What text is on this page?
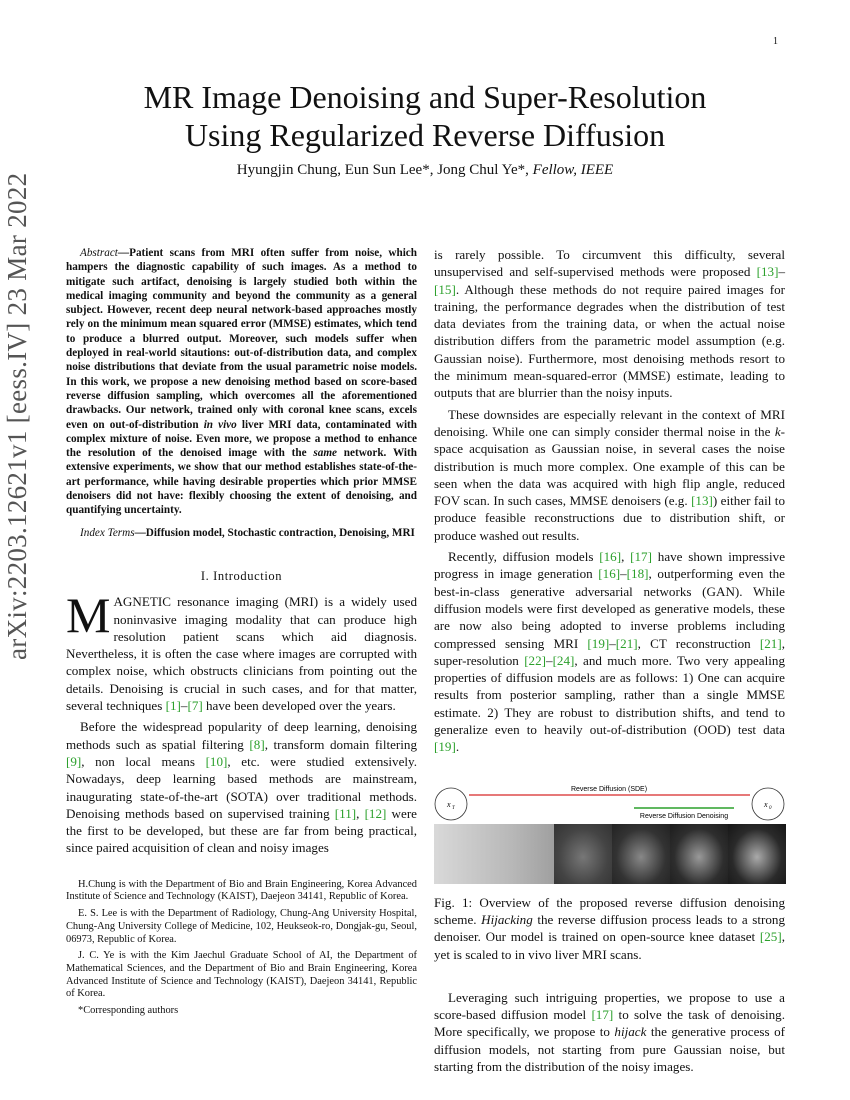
1
arXiv:2203.12621v1 [eess.IV] 23 Mar 2022
MR Image Denoising and Super-Resolution
Using Regularized Reverse Diffusion
Hyungjin Chung, Eun Sun Lee*, Jong Chul Ye*, Fellow, IEEE

Abstract—Patient scans from MRI often suffer from noise, which hampers the diagnostic capability of such images. As a method to mitigate such artifact, denoising is largely studied both within the medical imaging community and beyond the community as a general subject. However, recent deep neural network-based approaches mostly rely on the minimum mean squared error (MMSE) estimates, which tend to produce a blurred output. Moreover, such models suffer when deployed in real-world sitautions: out-of-distribution data, and complex noise distributions that deviate from the usual parametric noise models. In this work, we propose a new denoising method based on score-based reverse diffusion sampling, which overcomes all the aforementioned drawbacks. Our network, trained only with coronal knee scans, excels even on out-of-distribution in vivo liver MRI data, contaminated with complex mixture of noise. Even more, we propose a method to enhance the resolution of the denoised image with the same network. With extensive experiments, we show that our method establishes state-of-the-art performance, while having desirable properties which prior MMSE denoisers did not have: flexibly choosing the extent of denoising, and quantifying uncertainty.

Index Terms—Diffusion model, Stochastic contraction, Denoising, MRI

I. Introduction

MAGNETIC resonance imaging (MRI) is a widely used noninvasive imaging modality that can produce high resolution patient scans which aid diagnosis. Nevertheless, it is often the case where images are corrupted with complex noise, which obstructs clinicians from pointing out the details. Denoising is crucial in such cases, and for that matter, several techniques [1]–[7] have been developed over the years.

Before the widespread popularity of deep learning, denoising methods such as spatial filtering [8], transform domain filtering [9], non local means [10], etc. were studied extensively. Nowadays, deep learning based methods are mainstream, inaugurating state-of-the-art (SOTA) over traditional methods. Denoising methods based on supervised training [11], [12] were the first to be developed, but these are far from being practical, since paired acquisition of clean and noisy images

H.Chung is with the Department of Bio and Brain Engineering, Korea Advanced Institute of Science and Technology (KAIST), Daejeon 34141, Republic of Korea.

E. S. Lee is with the Department of Radiology, Chung-Ang University Hospital, Chung-Ang University College of Medicine, 102, Heukseok-ro, Dongjak-gu, Seoul, 06973, Republic of Korea.

J. C. Ye is with the Kim Jaechul Graduate School of AI, the Department of Mathematical Sciences, and the Department of Bio and Brain Engineering, Korea Advanced Institute of Science and Technology (KAIST), Daejeon 34141, Republic of Korea.

*Corresponding authors

is rarely possible. To circumvent this difficulty, several unsupervised and self-supervised methods were proposed [13]–[15]. Although these methods do not require paired images for training, the performance degrades when the distribution of test data deviates from the training data, or when the actual noise distribution differs from the parametric model assumption (e.g. Gaussian noise). Furthermore, most denoising methods resort to the minimum mean-squared-error (MMSE) estimate, leading to outputs that are blurrier than the noisy inputs.

These downsides are especially relevant in the context of MRI denoising. While one can simply consider thermal noise in the k-space acquisation as Gaussian noise, in several cases the noise distribution is much more complex. One example of this can be seen when the data was acquired with high flip angle, reduced FOV scan. In such cases, MMSE denoisers (e.g. [13]) either fail to produce feasible reconstructions due to distribution shift, or produce washed out results.

Recently, diffusion models [16], [17] have shown impressive progress in image generation [16]–[18], outperforming even the best-in-class generative adversarial networks (GAN). While diffusion models were first developed as generative models, these are now also being adopted to inverse problems including compressed sensing MRI [19]–[21], CT reconstruction [21], super-resolution [22]–[24], and much more. Two very appealing properties of diffusion models are as follows: 1) One can acquire results from posterior sampling, rather than a single MMSE estimate. 2) They are robust to distribution shifts, and tend to generalize even to heavily out-of-distribution (OOD) test data [19].

Reverse Diffusion (SDE)
Reverse Diffusion Denoising
x T	x 0

Fig. 1: Overview of the proposed reverse diffusion denoising scheme. Hijacking the reverse diffusion process leads to a strong denoiser. Our model is trained on open-source knee dataset [25], yet is scaled to in vivo liver MRI scans.

Leveraging such intriguing properties, we propose to use a score-based diffusion model [17] to solve the task of denoising. More specifically, we propose to hijack the generative process of diffusion models, not starting from pure Gaussian noise, but starting from the distribution of the noisy images.
